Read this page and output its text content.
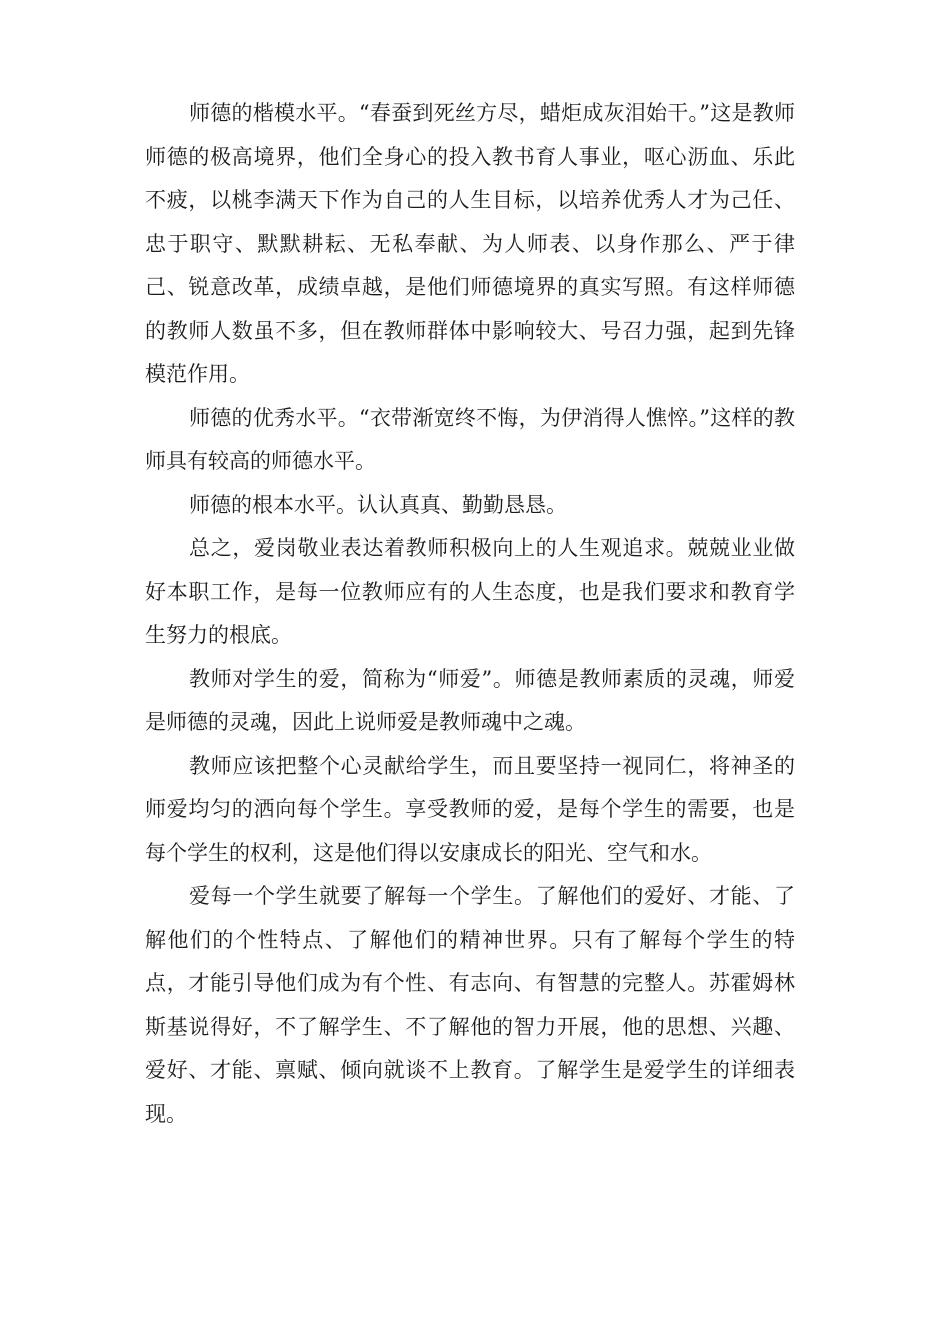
师德的楷模水平。“春蚕到死丝方尽，蜡炬成灰泪始干。”这是教师师德的极高境界，他们全身心的投入教书育人事业，呕心沥血、乐此不疲，以桃李满天下作为自己的人生目标，以培养优秀人才为己任、忠于职守、默默耕耘、无私奉献、为人师表、以身作那么、严于律己、锐意改革，成绩卓越，是他们师德境界的真实写照。有这样师德的教师人数虽不多，但在教师群体中影响较大、号召力强，起到先锋模范作用。

师德的优秀水平。“衣带渐宽终不悔，为伊消得人憔悴。”这样的教师具有较高的师德水平。

师德的根本水平。认认真真、勤勤恳恳。

总之，爱岗敬业表达着教师积极向上的人生观追求。兢兢业业做好本职工作，是每一位教师应有的人生态度，也是我们要求和教育学生努力的根底。

教师对学生的爱，简称为“师爱”。师德是教师素质的灵魂，师爱是师德的灵魂，因此上说师爱是教师魂中之魂。

教师应该把整个心灵献给学生，而且要坚持一视同仁，将神圣的师爱均匀的洒向每个学生。享受教师的爱，是每个学生的需要，也是每个学生的权利，这是他们得以安康成长的阳光、空气和水。

爱每一个学生就要了解每一个学生。了解他们的爱好、才能、了解他们的个性特点、了解他们的精神世界。只有了解每个学生的特点，才能引导他们成为有个性、有志向、有智慧的完整人。苏霍姆林斯基说得好，不了解学生、不了解他的智力开展，他的思想、兴趣、爱好、才能、禀赋、倾向就谈不上教育。了解学生是爱学生的详细表现。
